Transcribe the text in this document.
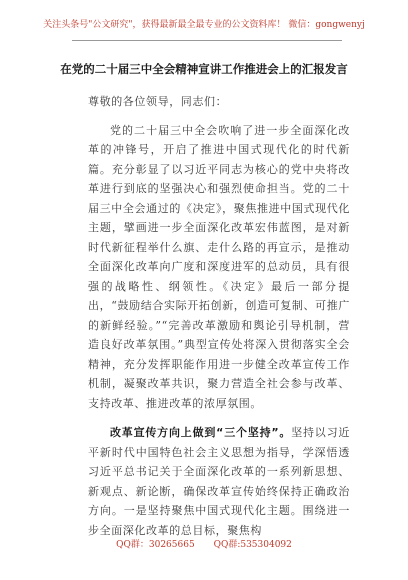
关注头条号"公文研究"，获得最新最全最专业的公文资料库！ 微信：gongwenyj
在党的二十届三中全会精神宣讲工作推进会上的汇报发言

尊敬的各位领导，同志们：

党的二十届三中全会吹响了进一步全面深化改革的冲锋号，开启了推进中国式现代化的时代新篇。充分彰显了以习近平同志为核心的党中央将改革进行到底的坚强决心和强烈使命担当。党的二十届三中全会通过的《决定》，聚焦推进中国式现代化主题，擘画进一步全面深化改革宏伟蓝图，是对新时代新征程举什么旗、走什么路的再宣示，是推动全面深化改革向广度和深度进军的总动员，具有很强的战略性、纲领性。《决定》最后一部分提出，“鼓励结合实际开拓创新，创造可复制、可推广的新鲜经验。”“完善改革激励和舆论引导机制，营造良好改革氛围。”典型宣传处将深入贯彻落实全会精神，充分发挥职能作用进一步健全改革宣传工作机制，凝聚改革共识，聚力营造全社会参与改革、支持改革、推进改革的浓厚氛围。

改革宣传方向上做到“三个坚持”。坚持以习近平新时代中国特色社会主义思想为指导，学深悟透习近平总书记关于全面深化改革的一系列新思想、新观点、新论断，确保改革宣传始终保持正确政治方向。一是坚持聚焦中国式现代化主题。围绕进一步全面深化改革的总目标，聚焦构

QQ群：30265665 QQ群:535304092
